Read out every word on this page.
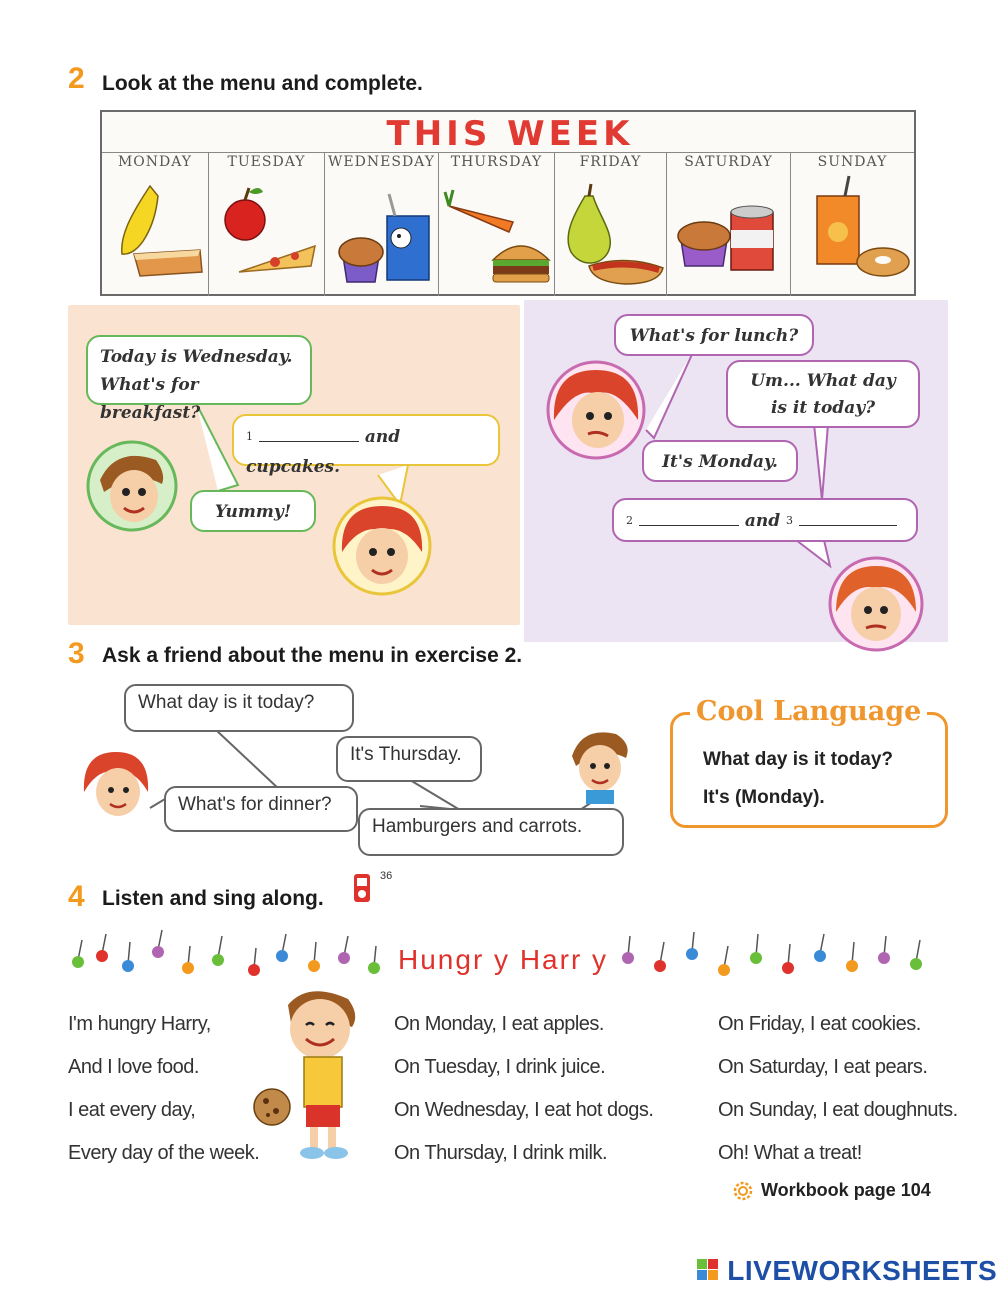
2 Look at the menu and complete.
THIS WEEK
MONDAY	TUESDAY	WEDNESDAY	THURSDAY	FRIDAY	SATURDAY	SUNDAY
Today is Wednesday.
What's for breakfast?
$^1$	and cupcakes.
Yummy!
What's for lunch?
Um... What day
is it today?
It's Monday.
$^2$	and $^3$
3 Ask a friend about the menu in exercise 2.
What day is it today?
It's Thursday.
What's for dinner?
Hamburgers and carrots.
What day is it today?
It's (Monday).
Cool Language
4 Listen and sing along.
36
Hungr y Harr y
I'm hungry Harry,
And I love food.
I eat every day,
Every day of the week.
On Monday, I eat apples.
On Tuesday, I drink juice.
On Wednesday, I eat hot dogs.
On Thursday, I drink milk.
On Friday, I eat cookies.
On Saturday, I eat pears.
On Sunday, I eat doughnuts.
Oh! What a treat!
Workbook page 104
LIVEWORKSHEETS
